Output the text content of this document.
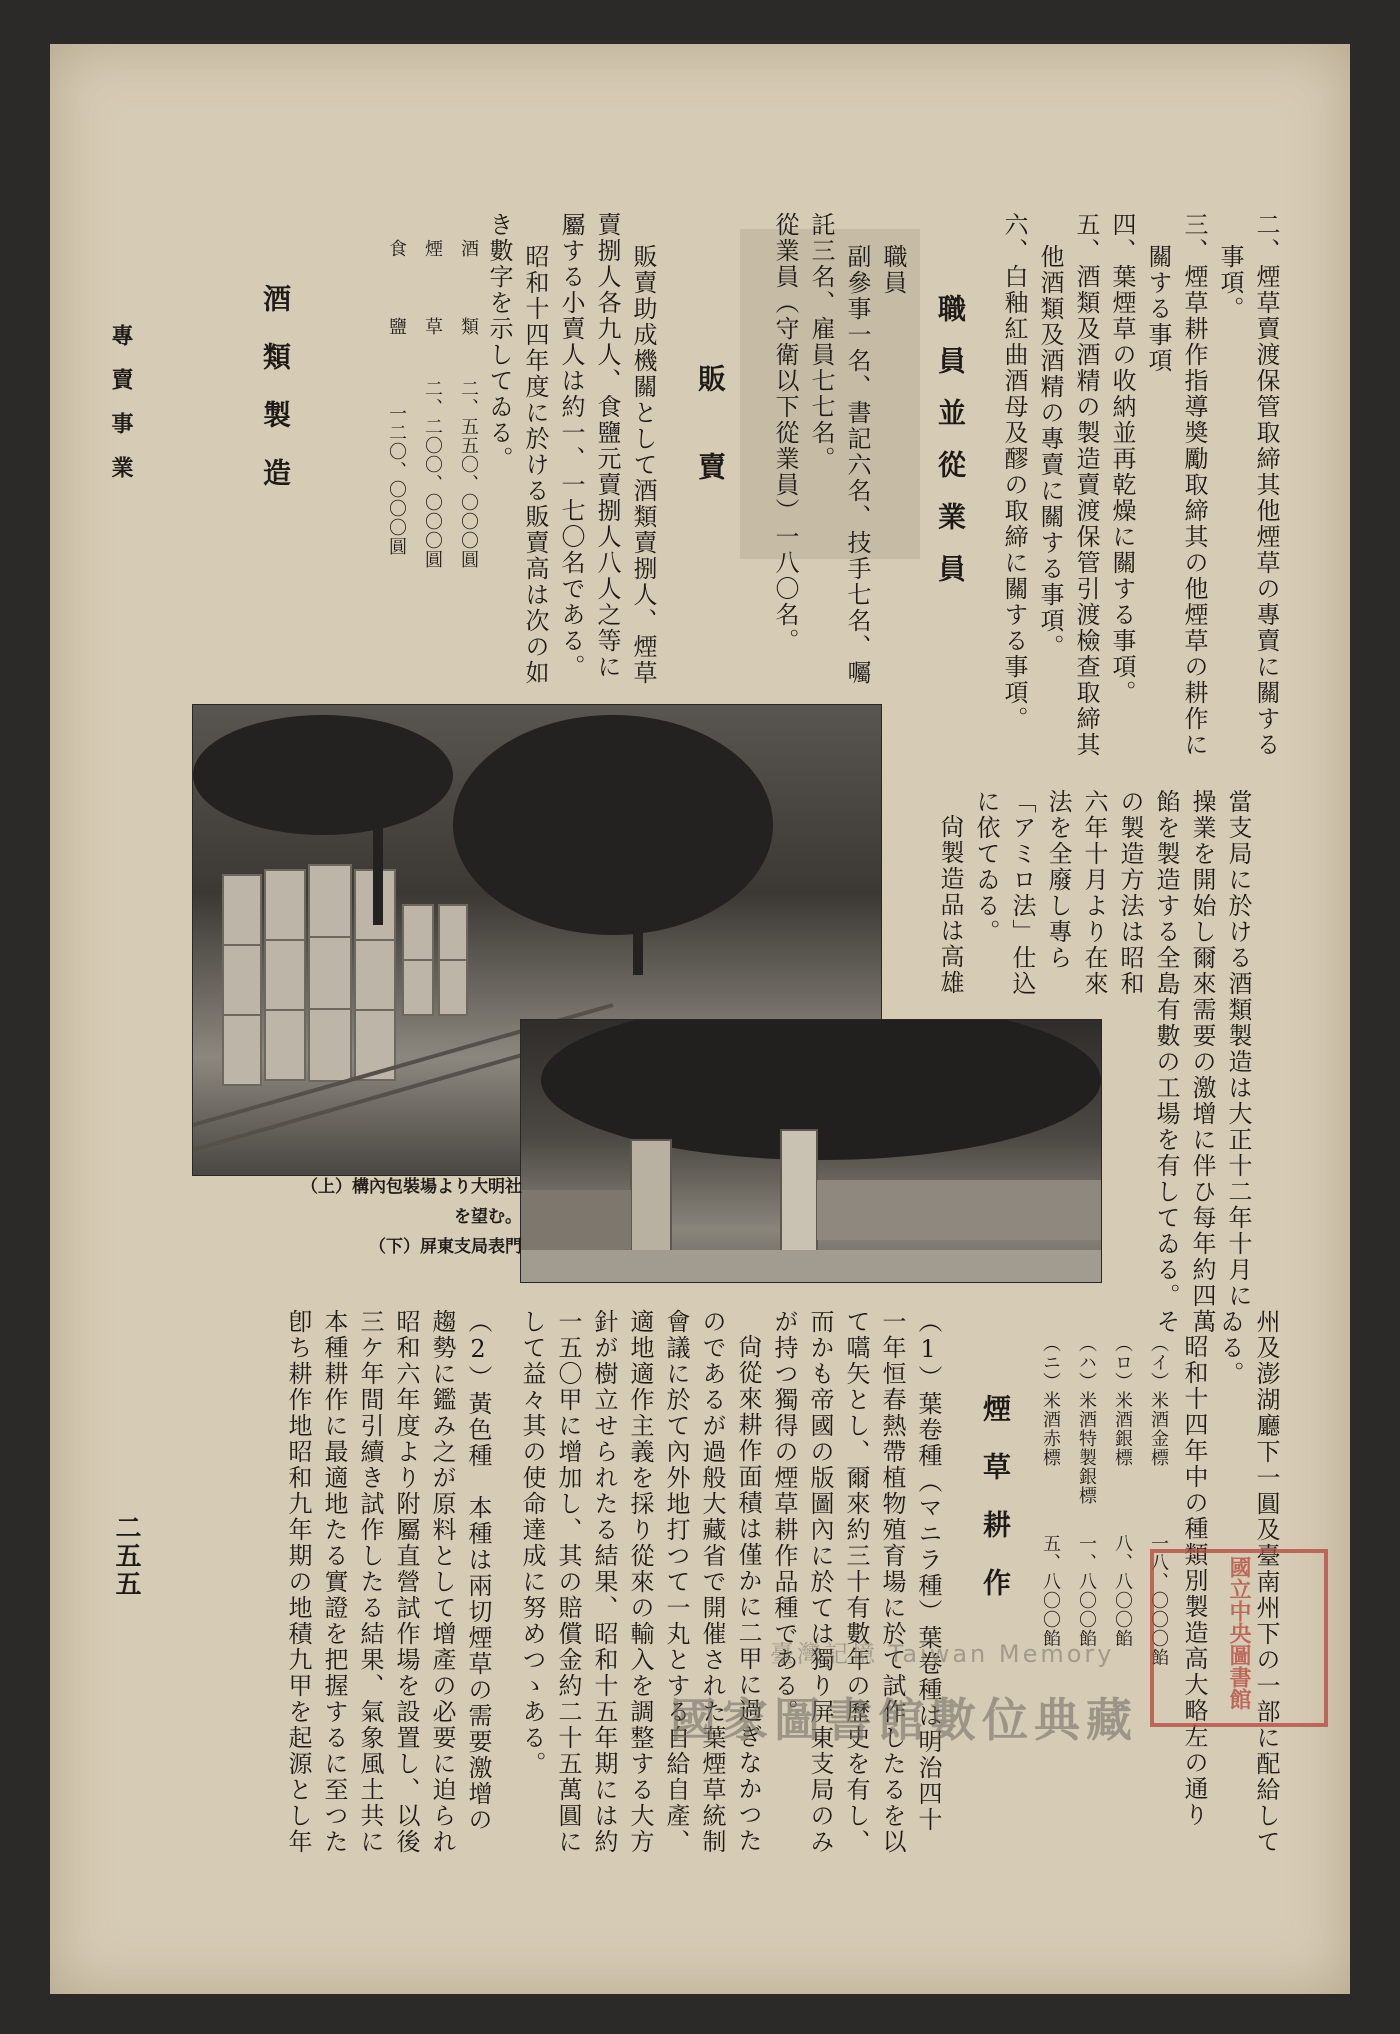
專賣事業
二五五
二、煙草賣渡保管取締其他煙草の專賣に關する
事項。
三、煙草耕作指導奬勵取締其の他煙草の耕作に
關する事項
四、葉煙草の收納並再乾燥に關する事項。
五、酒類及酒精の製造賣渡保管引渡檢查取締其
他酒類及酒精の專賣に關する事項。
六、白釉紅曲酒母及醪の取締に關する事項。
職員並從業員
職員
副參事一名、書記六名、技手七名、囑
託三名、雇員七七名。
從業員（守衛以下從業員）一八〇名。
販賣
販賣助成機關として酒類賣捌人、煙草
賣捌人各九人、食鹽元賣捌人八人之等に
屬する小賣人は約一、一七〇名である。
昭和十四年度に於ける販賣高は次の如
き數字を示してゐる。
酒　　類
二、五五〇、〇〇〇圓
煙　　草
二、二〇〇、〇〇〇圓
食　　鹽
一二〇、〇〇〇圓
酒類製造
當支局に於ける酒類製造は大正十二年十月に
操業を開始し爾來需要の激增に伴ひ每年約四萬
餡を製造する全島有數の工場を有してゐる。そ
の製造方法は昭和
六年十月より在來
法を全廢し專ら
「アミロ法」仕込
に依てゐる。
尙製造品は高雄
州及澎湖廳下一圓及臺南州下の一部に配給して
ゐる。
昭和十四年中の種類別製造高大略左の通り
（イ）米酒金標
一八、〇〇〇餡
（ロ）米酒銀標
八、八〇〇餡
（ハ）米酒特製銀標
一、八〇〇餡
（ニ）米酒赤標
五、八〇〇餡
煙草耕作
（1）葉卷種（マニラ種）葉卷種は明治四十
一年恒春熱帶植物殖育場に於て試作したるを以
て嚆矢とし、爾來約三十有數年の歷史を有し、
而かも帝國の版圖內に於ては獨り屏東支局のみ
が持つ獨得の煙草耕作品種である。
尙從來耕作面積は僅かに二甲に過ぎなかつた
のであるが過般大藏省で開催された葉煙草統制
會議に於て內外地打つて一丸とする自給自產、
適地適作主義を採り從來の輸入を調整する大方
針が樹立せられたる結果、昭和十五年期には約
一五〇甲に增加し、其の賠償金約二十五萬圓に
して益々其の使命達成に努めつゝある。
（2）黃色種　本種は兩切煙草の需要激增の
趨勢に鑑み之が原料として增產の必要に迫られ
昭和六年度より附屬直營試作場を設置し、以後
三ケ年間引續き試作したる結果、氣象風土共に
本種耕作に最適地たる實證を把握するに至つた
卽ち耕作地昭和九年期の地積九甲を起源とし年
（上）構內包裝場より大明社
を望む。
（下）屏東支局表門
國立中央圖書館
臺灣記憶 Taiwan Memory
國家圖書館數位典藏
